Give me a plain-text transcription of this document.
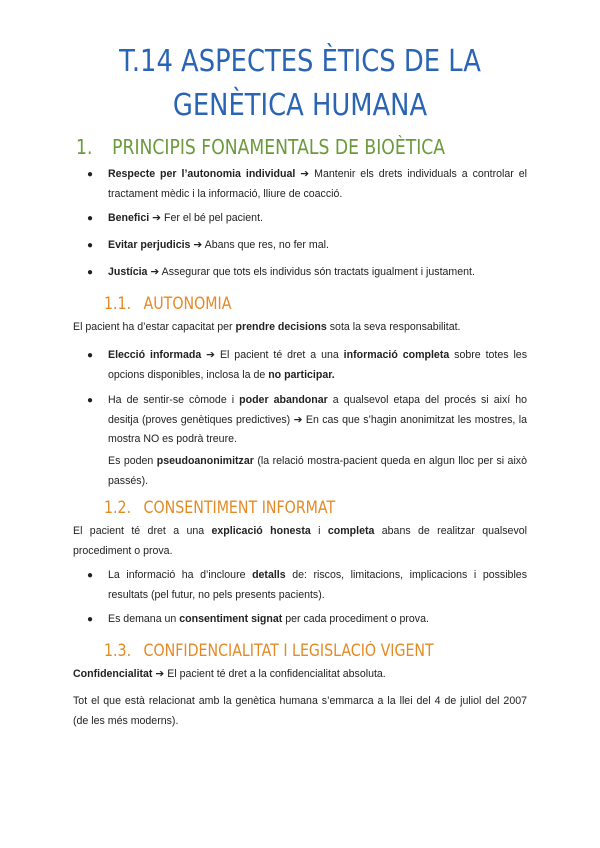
T.14 ASPECTES ÈTICS DE LA
GENÈTICA HUMANA
1. PRINCIPIS FONAMENTALS DE BIOÈTICA

● Respecte per l’autonomia individual ➔ Mantenir els drets individuals a controlar el tractament mèdic i la informació, lliure de coacció.

● Benefici ➔ Fer el bé pel pacient.

● Evitar perjudicis ➔ Abans que res, no fer mal.

● Justícia ➔ Assegurar que tots els individus són tractats igualment i justament.

1.1. AUTONOMIA

El pacient ha d’estar capacitat per prendre decisions sota la seva responsabilitat.

● Elecció informada ➔ El pacient té dret a una informació completa sobre totes les opcions disponibles, inclosa la de no participar.

● Ha de sentir-se còmode i poder abandonar a qualsevol etapa del procés si així ho desitja (proves genètiques predictives) ➔ En cas que s’hagin anonimitzat les mostres, la mostra NO es podrà treure.

Es poden pseudoanonimitzar (la relació mostra-pacient queda en algun lloc per si això passés).

1.2. CONSENTIMENT INFORMAT

El pacient té dret a una explicació honesta i completa abans de realitzar qualsevol procediment o prova.

● La informació ha d’incloure detalls de: riscos, limitacions, implicacions i possibles resultats (pel futur, no pels presents pacients).

● Es demana un consentiment signat per cada procediment o prova.

1.3. CONFIDENCIALITAT I LEGISLACIÓ VIGENT

Confidencialitat ➔ El pacient té dret a la confidencialitat absoluta.

Tot el que està relacionat amb la genètica humana s’emmarca a la llei del 4 de juliol del 2007 (de les més moderns).
